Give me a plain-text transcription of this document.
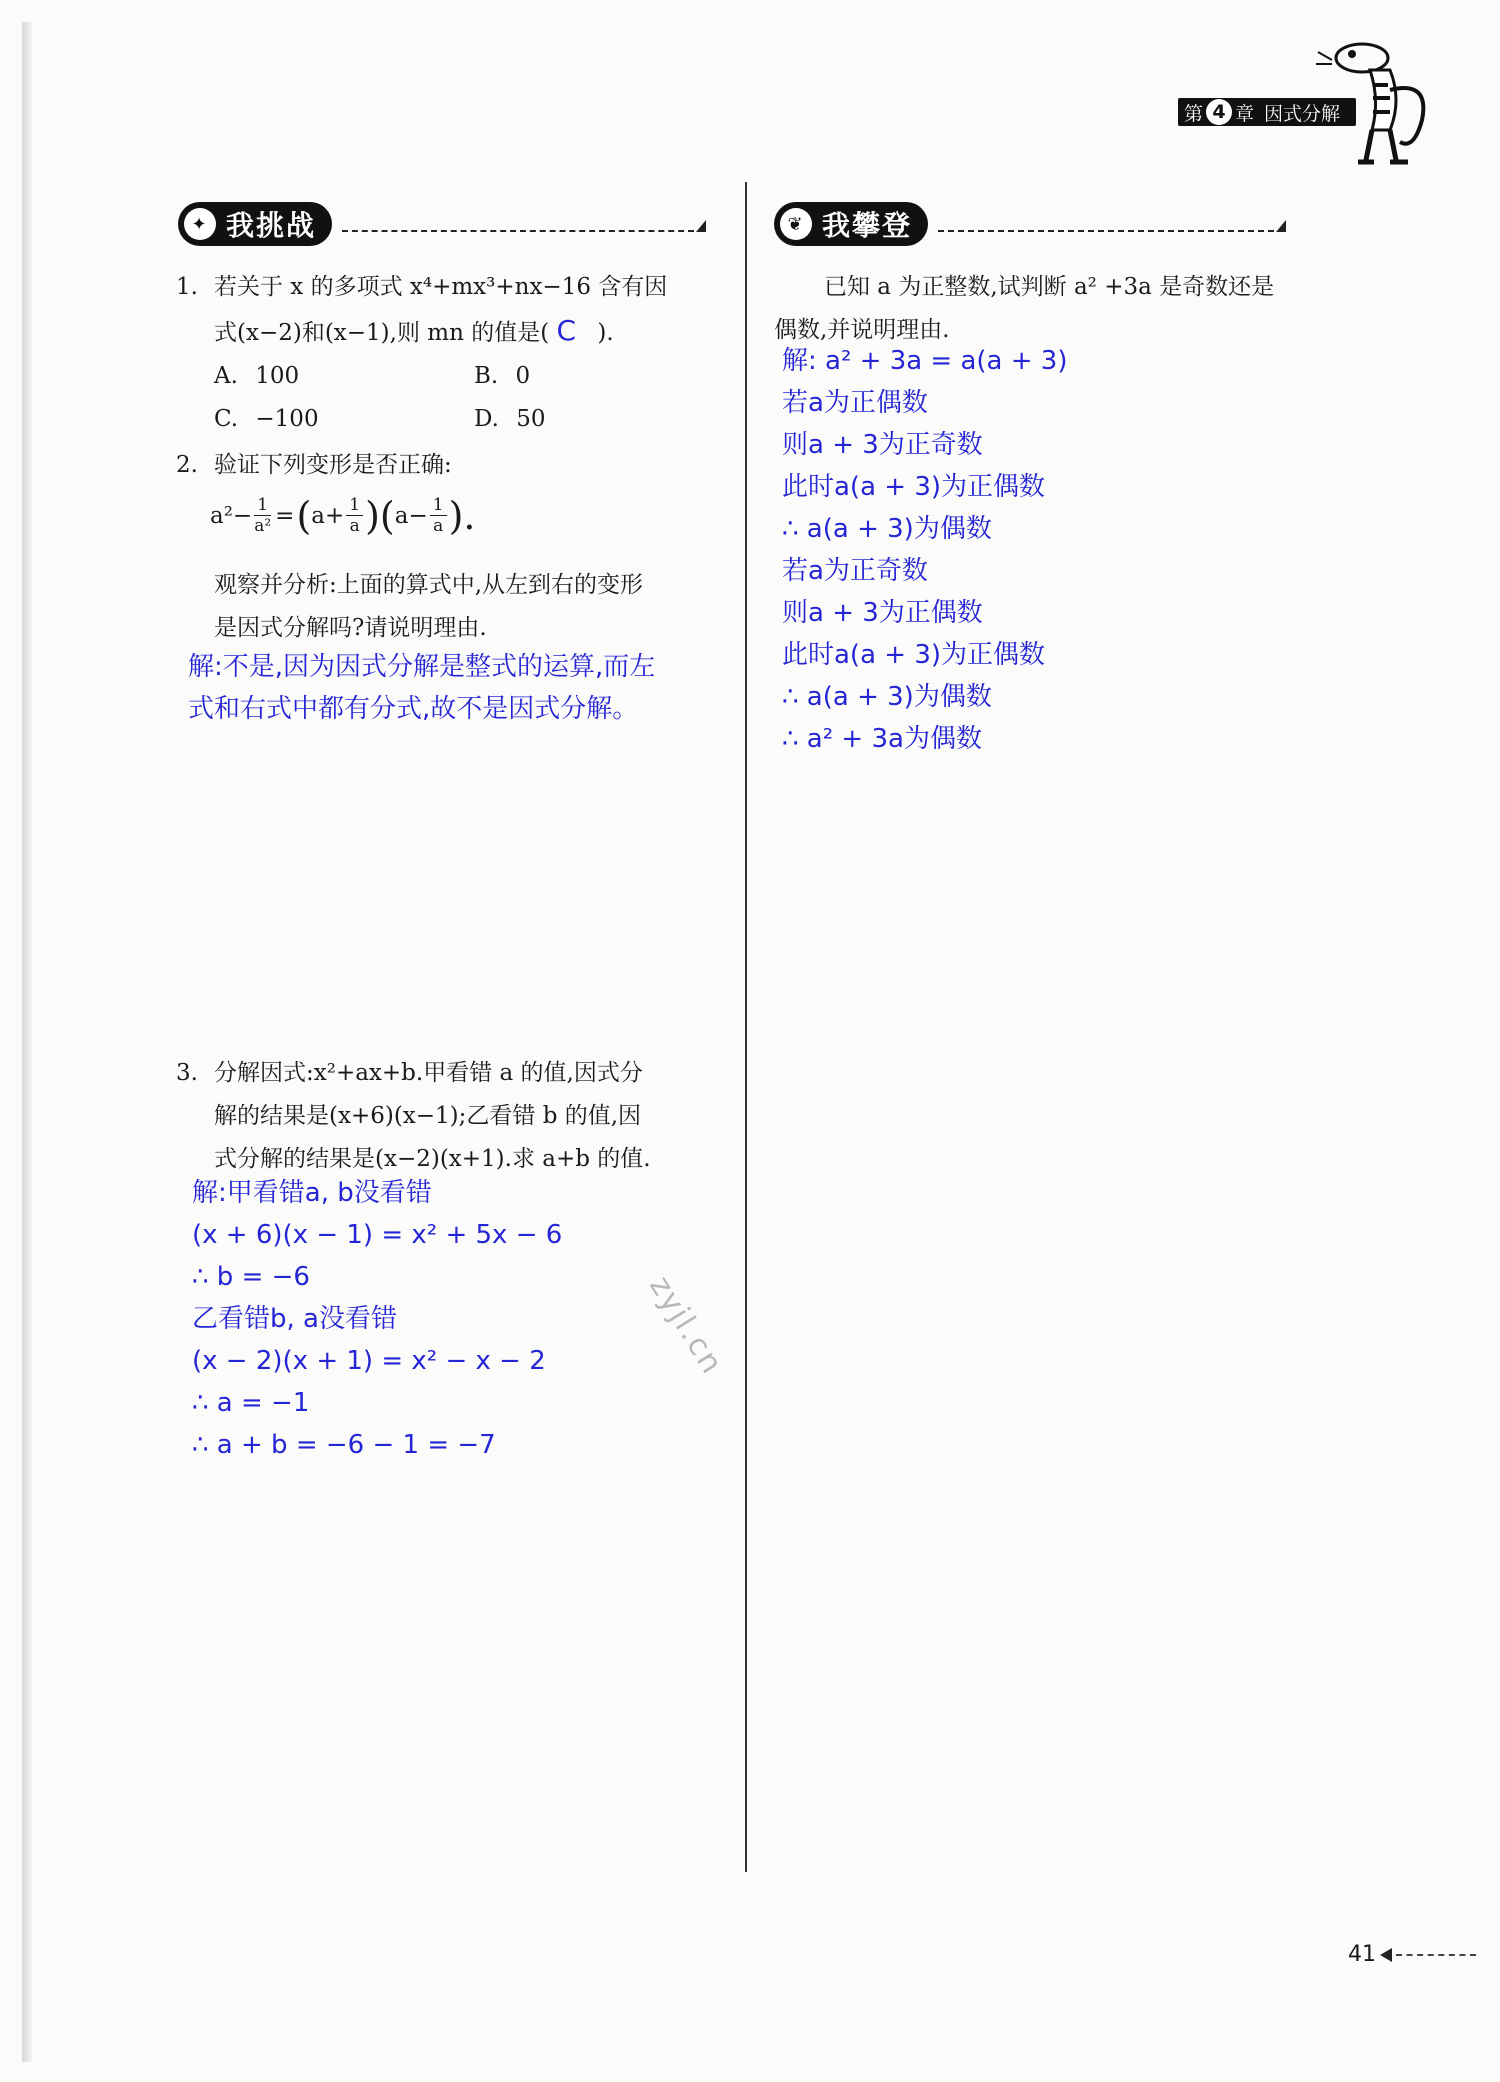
第 4 章 因式分解
✦ 我挑战	❦ 我攀登
1. 若关于 x 的多项式 x⁴+mx³+nx−16 含有因
式(x−2)和(x−1),则 mn 的值是( C ).
A. 100	B. 0
C. −100	D. 50
2. 验证下列变形是否正确:
$a^2- \frac{1}{\text{a²}}$ = ( $a+ \frac{1}{a}$ ) ( $a- \frac{1}{a}$ ).
观察并分析:上面的算式中,从左到右的变形
是因式分解吗?请说明理由.
解:不是,因为因式分解是整式的运算,而左
式和右式中都有分式,故不是因式分解。
3. 分解因式:x²+ax+b.甲看错 a 的值,因式分
解的结果是(x+6)(x−1);乙看错 b 的值,因
式分解的结果是(x−2)(x+1).求 a+b 的值.
解:甲看错a, b没看错
(x + 6)(x − 1) = x² + 5x − 6
∴ b = −6
乙看错b, a没看错
(x − 2)(x + 1) = x² − x − 2
∴ a = −1
∴ a + b = −6 − 1 = −7
已知 a 为正整数,试判断 a² +3a 是奇数还是
偶数,并说明理由.
解: a² + 3a = a(a + 3)
若a为正偶数
则a + 3为正奇数
此时a(a + 3)为正偶数
∴ a(a + 3)为偶数
若a为正奇数
则a + 3为正偶数
此时a(a + 3)为正偶数
∴ a(a + 3)为偶数
∴ a² + 3a为偶数
zyjl.cn
41
